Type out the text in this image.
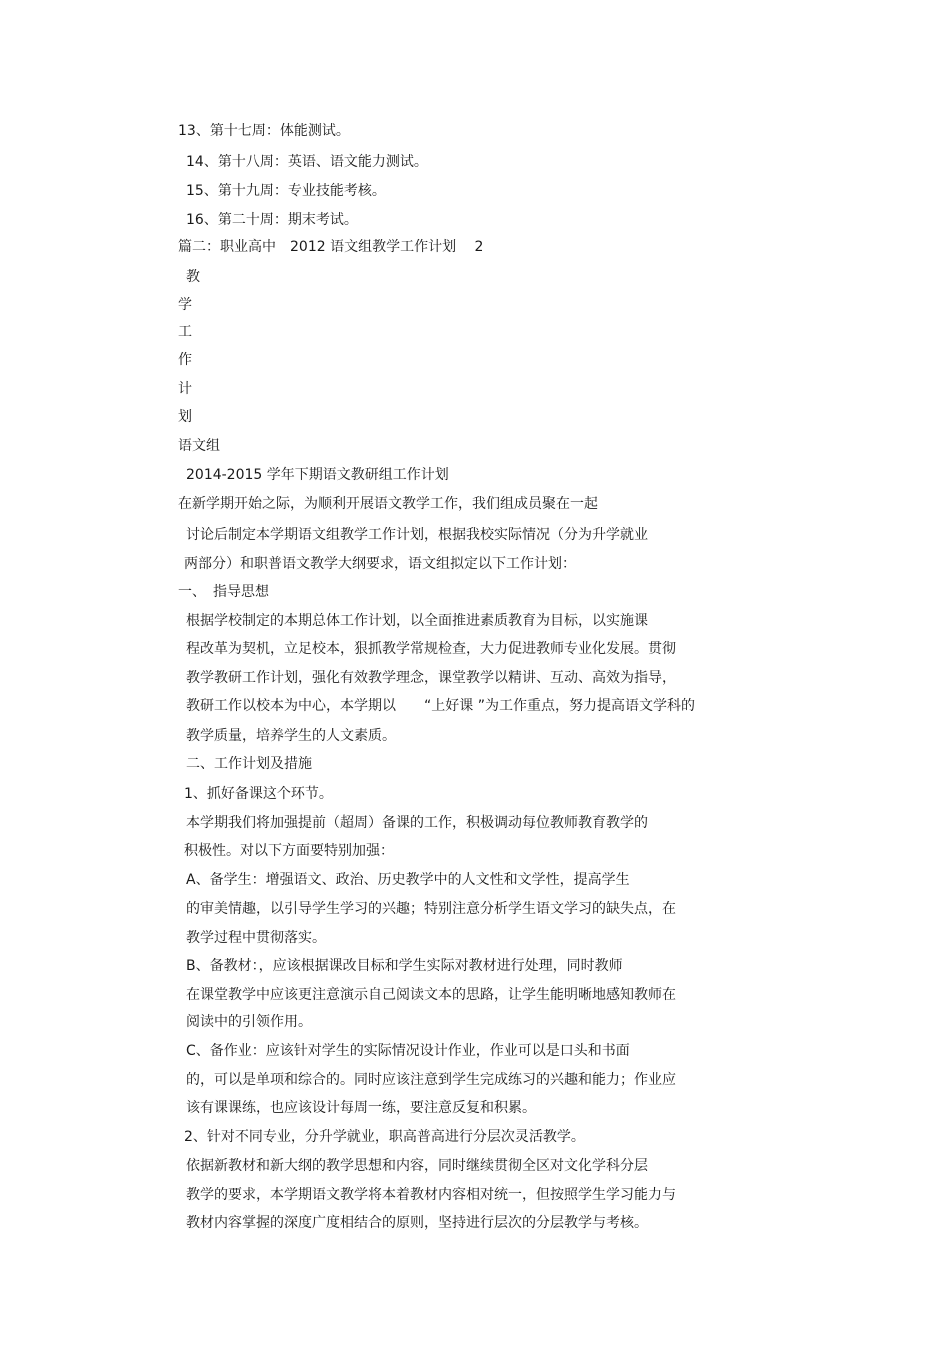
13、第十七周：体能测试。
14、第十八周：英语、语文能力测试。
15、第十九周：专业技能考核。
16、第二十周：期末考试。
篇二：职业高中　2012 语文组教学工作计划　 2
教
学
工
作
计
划
语文组
2014-2015 学年下期语文教研组工作计划
在新学期开始之际，为顺利开展语文教学工作，我们组成员聚在一起
讨论后制定本学期语文组教学工作计划，根据我校实际情况（分为升学就业
两部分）和职普语文教学大纲要求，语文组拟定以下工作计划：
一、　指导思想
根据学校制定的本期总体工作计划，以全面推进素质教育为目标，以实施课
程改革为契机，立足校本，狠抓教学常规检查，大力促进教师专业化发展。贯彻
教学教研工作计划，强化有效教学理念，课堂教学以精讲、互动、高效为指导，
教研工作以校本为中心，本学期以　　“上好课 ”为工作重点，努力提高语文学科的
教学质量，培养学生的人文素质。
二、工作计划及措施
1、抓好备课这个环节。
本学期我们将加强提前（超周）备课的工作，积极调动每位教师教育教学的
积极性。对以下方面要特别加强：
A、备学生：增强语文、政治、历史教学中的人文性和文学性，提高学生
的审美情趣，以引导学生学习的兴趣；特别注意分析学生语文学习的缺失点，在
教学过程中贯彻落实。
B、备教材：，应该根据课改目标和学生实际对教材进行处理，同时教师
在课堂教学中应该更注意演示自己阅读文本的思路，让学生能明晰地感知教师在
阅读中的引领作用。
C、备作业：应该针对学生的实际情况设计作业，作业可以是口头和书面
的，可以是单项和综合的。同时应该注意到学生完成练习的兴趣和能力；作业应
该有课课练，也应该设计每周一练，要注意反复和积累。
2、针对不同专业，分升学就业，职高普高进行分层次灵活教学。
依据新教材和新大纲的教学思想和内容，同时继续贯彻全区对文化学科分层
教学的要求，本学期语文教学将本着教材内容相对统一，但按照学生学习能力与
教材内容掌握的深度广度相结合的原则，坚持进行层次的分层教学与考核。
